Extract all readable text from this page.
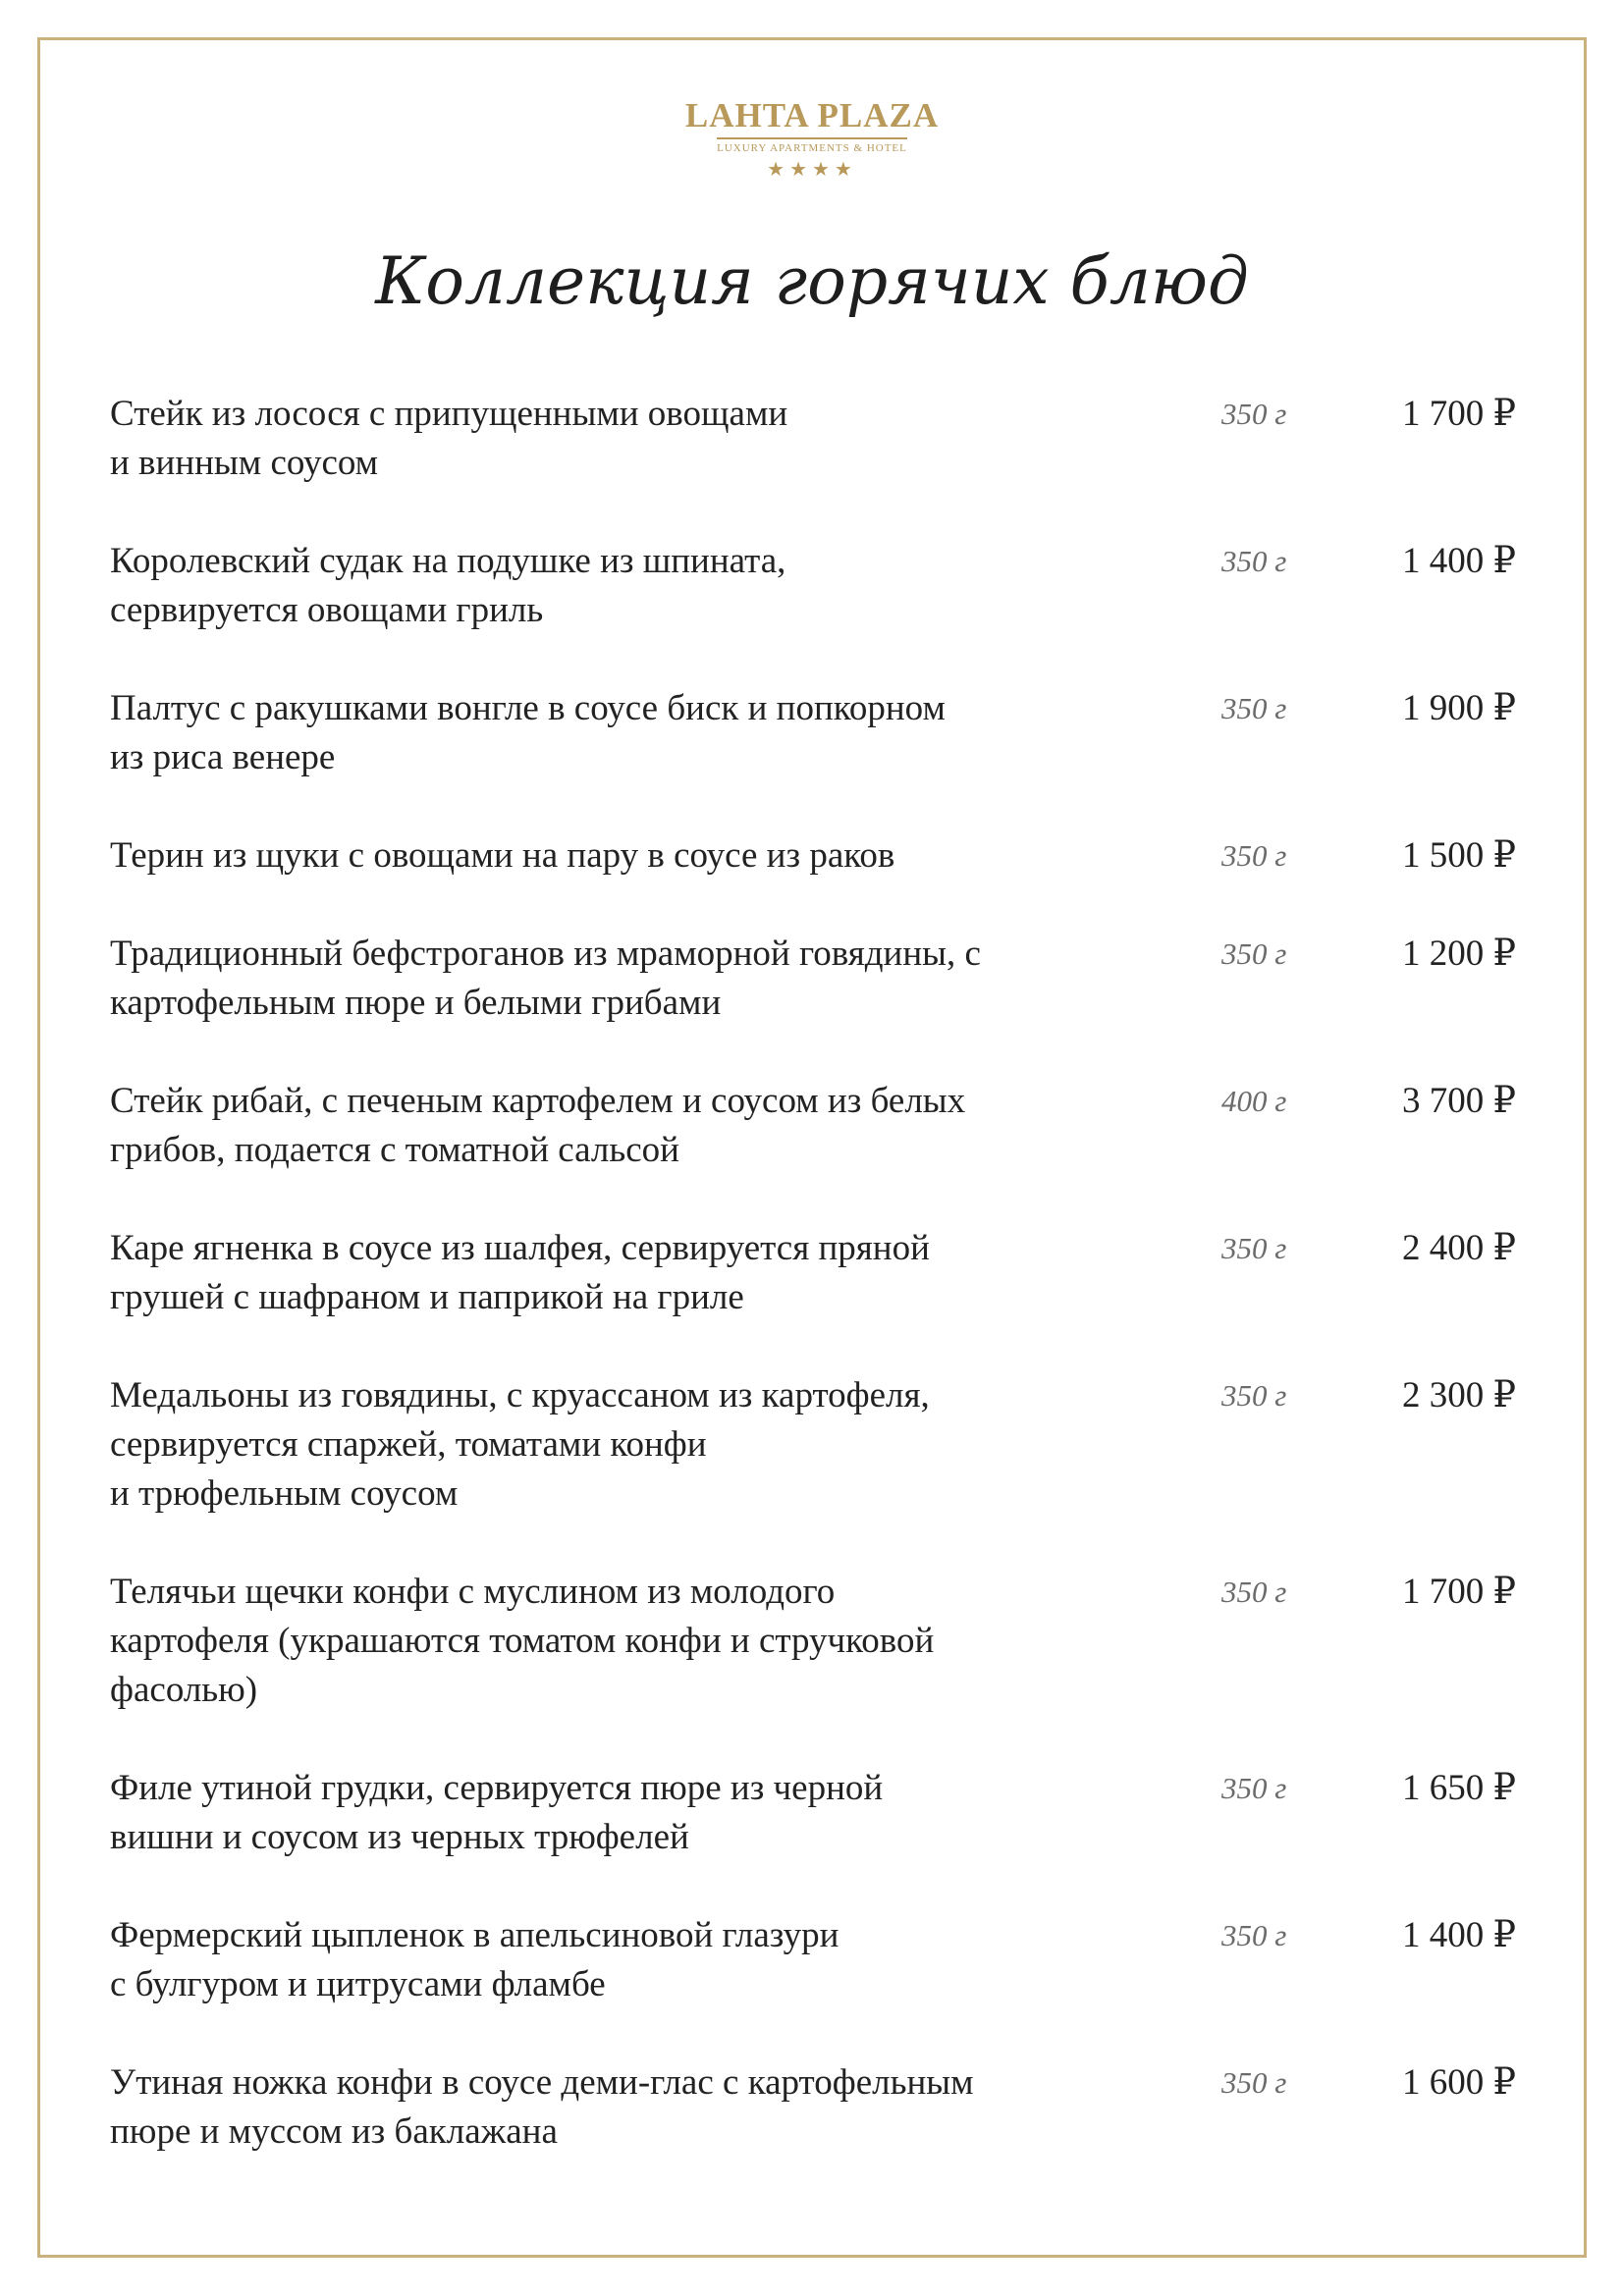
LAHTA PLAZA
LUXURY APARTMENTS & HOTEL
★★★★
Коллекция горячих блюд
Стейк из лосося с припущенными овощами
и винным соусом
350 г	1 700 ₽
Королевский судак на подушке из шпината,
сервируется овощами гриль
350 г	1 400 ₽
Палтус с ракушками вонгле в соусе биск и попкорном
из риса венере
350 г	1 900 ₽
Терин из щуки с овощами на пару в соусе из раков	350 г	1 500 ₽
Традиционный бефстроганов из мраморной говядины, с
картофельным пюре и белыми грибами
350 г	1 200 ₽
Стейк рибай, с печеным картофелем и соусом из белых
грибов, подается с томатной сальсой
400 г	3 700 ₽
Каре ягненка в соусе из шалфея, сервируется пряной
грушей с шафраном и паприкой на гриле
350 г	2 400 ₽
Медальоны из говядины, с круассаном из картофеля,
сервируется спаржей, томатами конфи
и трюфельным соусом
350 г	2 300 ₽
Телячьи щечки конфи с муслином из молодого
картофеля (украшаются томатом конфи и стручковой
фасолью)
350 г	1 700 ₽
Филе утиной грудки, сервируется пюре из черной
вишни и соусом из черных трюфелей
350 г	1 650 ₽
Фермерский цыпленок в апельсиновой глазури
с булгуром и цитрусами фламбе
350 г	1 400 ₽
Утиная ножка конфи в соусе деми-глас с картофельным
пюре и муссом из баклажана
350 г	1 600 ₽
